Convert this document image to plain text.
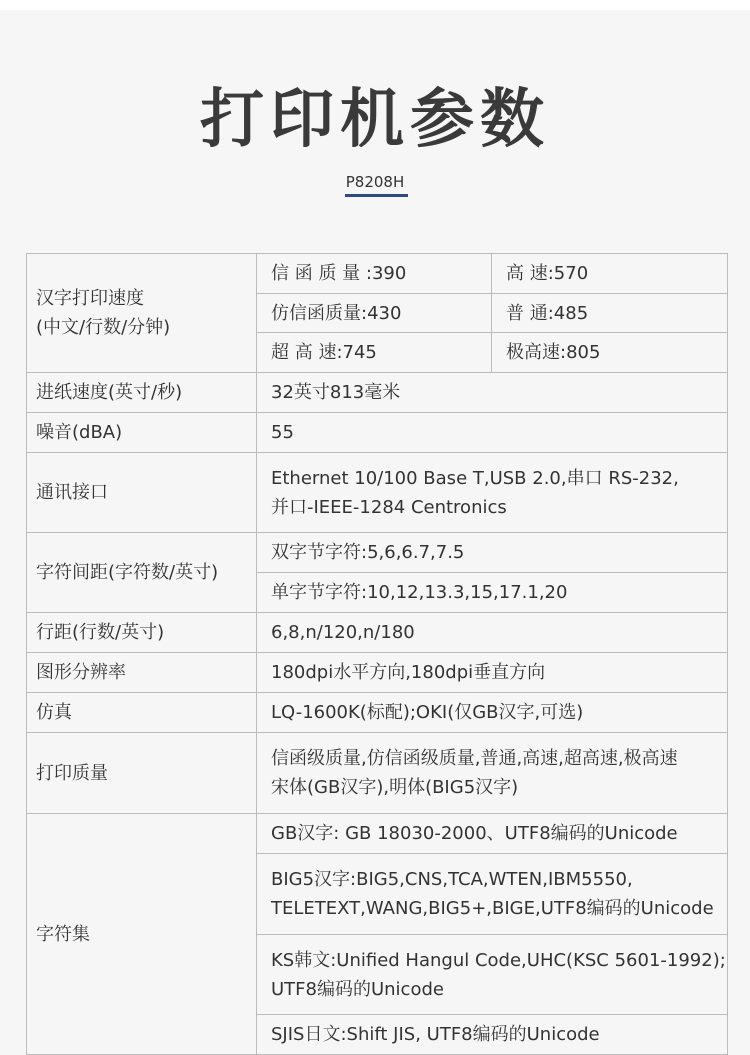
打印机参数
P8208H
汉字打印速度
(中文/行数/分钟)	信 函 质 量 :390	高 速:570
	仿信函质量:430	普 通:485
	超 高 速:745	极高速:805
进纸速度(英寸/秒)	32英寸813毫米	
噪音(dBA)	55	
通讯接口	Ethernet 10/100 Base T,USB 2.0,串口 RS-232,
并口-IEEE-1284 Centronics	

字符间距(字符数/英寸)	双字节字符:5,6,6.7,7.5	
	单字节字符:10,12,13.3,15,17.1,20	
行距(行数/英寸)	6,8,n/120,n/180	
图形分辨率	180dpi水平方向,180dpi垂直方向	
仿真	LQ-1600K(标配);OKI(仅GB汉字,可选)	
打印质量	信函级质量,仿信函级质量,普通,高速,超高速,极高速
宋体(GB汉字),明体(BIG5汉字)	

字符集	GB汉字: GB 18030-2000、UTF8编码的Unicode	

	BIG5汉字:BIG5,CNS,TCA,WTEN,IBM5550,
TELETEXT,WANG,BIG5+,BIGE,UTF8编码的Unicode	

	KS韩文:Unified Hangul Code,UHC(KSC 5601-1992);
UTF8编码的Unicode	

	SJIS日文:Shift JIS, UTF8编码的Unicode	
